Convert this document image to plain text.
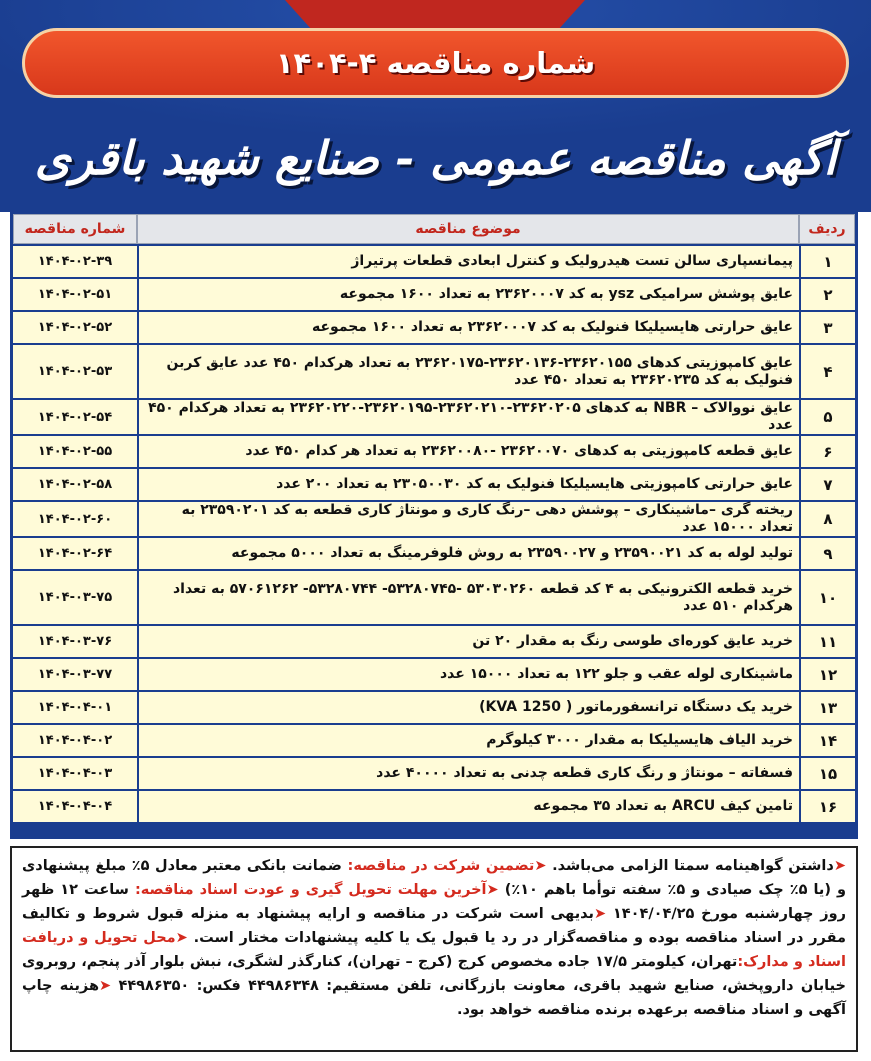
شماره مناقصه ۴-۱۴۰۴
آگهی مناقصه عمومی - صنایع شهید باقری
ردیف	موضوع مناقصه	شماره مناقصه
۱	پیمانسپاری سالن تست هیدرولیک و کنترل ابعادی قطعات پرتیراژ	۱۴۰۴-۰۲-۳۹
۲	عایق پوشش سرامیکی ysz به کد ۲۳۶۲۰۰۰۷ به تعداد ۱۶۰۰ مجموعه	۱۴۰۴-۰۲-۵۱
۳	عایق حرارتی هایسیلیکا فنولیک به کد ۲۳۶۲۰۰۰۷ به تعداد ۱۶۰۰ مجموعه	۱۴۰۴-۰۲-۵۲
۴	عایق کامپوزیتی کدهای ۲۳۶۲۰۱۵۵-۲۳۶۲۰۱۳۶-۲۳۶۲۰۱۷۵ به تعداد هرکدام ۴۵۰ عدد عایق کربن فنولیک به کد ۲۳۶۲۰۲۳۵ به تعداد ۴۵۰ عدد	۱۴۰۴-۰۲-۵۳
۵	عایق نووالاک – NBR به کدهای ۲۳۶۲۰۲۰۵-۲۳۶۲۰۲۱۰-۲۳۶۲۰۱۹۵-۲۳۶۲۰۲۲۰ به تعداد هرکدام ۴۵۰ عدد	۱۴۰۴-۰۲-۵۴
۶	عایق قطعه کامپوزیتی به کدهای ۲۳۶۲۰۰۷۰ -۲۳۶۲۰۰۸۰ به تعداد هر کدام ۴۵۰ عدد	۱۴۰۴-۰۲-۵۵
۷	عایق حرارتی کامپوزیتی هایسیلیکا فنولیک به کد ۲۳۰۵۰۰۳۰ به تعداد ۲۰۰ عدد	۱۴۰۴-۰۲-۵۸
۸	ریخته گری –ماشینکاری – پوشش دهی –رنگ کاری و مونتاژ کاری قطعه به کد ۲۳۵۹۰۲۰۱ به تعداد ۱۵۰۰۰ عدد	۱۴۰۴-۰۲-۶۰
۹	تولید لوله به کد ۲۳۵۹۰۰۲۱ و ۲۳۵۹۰۰۲۷ به روش فلوفرمینگ به تعداد ۵۰۰۰ مجموعه	۱۴۰۴-۰۲-۶۴
۱۰	خرید قطعه الکترونیکی به ۴ کد قطعه ۵۳۰۳۰۲۶۰ -۵۳۲۸۰۷۴۵- ۵۳۲۸۰۷۴۴- ۵۷۰۶۱۲۶۲ به تعداد هرکدام ۵۱۰ عدد	۱۴۰۴-۰۳-۷۵
۱۱	خرید عایق کوره‌ای طوسی رنگ به مقدار ۲۰ تن	۱۴۰۴-۰۳-۷۶
۱۲	ماشینکاری لوله عقب و جلو ۱۲۲ به تعداد ۱۵۰۰۰ عدد	۱۴۰۴-۰۳-۷۷
۱۳	خرید یک دستگاه ترانسفورماتور ( 1250 KVA)	۱۴۰۴-۰۴-۰۱
۱۴	خرید الیاف هایسیلیکا به مقدار ۳۰۰۰ کیلوگرم	۱۴۰۴-۰۴-۰۲
۱۵	فسفاته – مونتاژ و رنگ کاری قطعه چدنی به تعداد ۴۰۰۰۰ عدد	۱۴۰۴-۰۴-۰۳
۱۶	تامین کیف ARCU به تعداد ۳۵ مجموعه	۱۴۰۴-۰۴-۰۴

➤داشتن گواهینامه سمتا الزامی می‌باشد. ➤تضمین شرکت در مناقصه: ضمانت بانکی معتبر معادل ۵٪ مبلغ پیشنهادی و (یا ۵٪ چک صیادی و ۵٪ سفته توأما باهم ۱۰٪) ➤آخرین مهلت تحویل گیری و عودت اسناد مناقصه: ساعت ۱۲ ظهر روز چهارشنبه مورخ ۱۴۰۴/۰۴/۲۵ ➤بدیهی است شرکت در مناقصه و ارایه پیشنهاد به منزله قبول شروط و تکالیف مقرر در اسناد مناقصه بوده و مناقصه‌گزار در رد یا قبول یک یا کلیه پیشنهادات مختار است. ➤محل تحویل و دریافت اسناد و مدارک:تهران، کیلومتر ۱۷/۵ جاده مخصوص کرج (کرج – تهران)، کنارگذر لشگری، نبش بلوار آذر پنجم، روبروی خیابان داروپخش، صنایع شهید باقری، معاونت بازرگانی، تلفن مستقیم: ۴۴۹۸۶۳۴۸ فکس: ۴۴۹۸۶۳۵۰ ➤هزینه چاپ آگهی و اسناد مناقصه برعهده برنده مناقصه خواهد بود.
